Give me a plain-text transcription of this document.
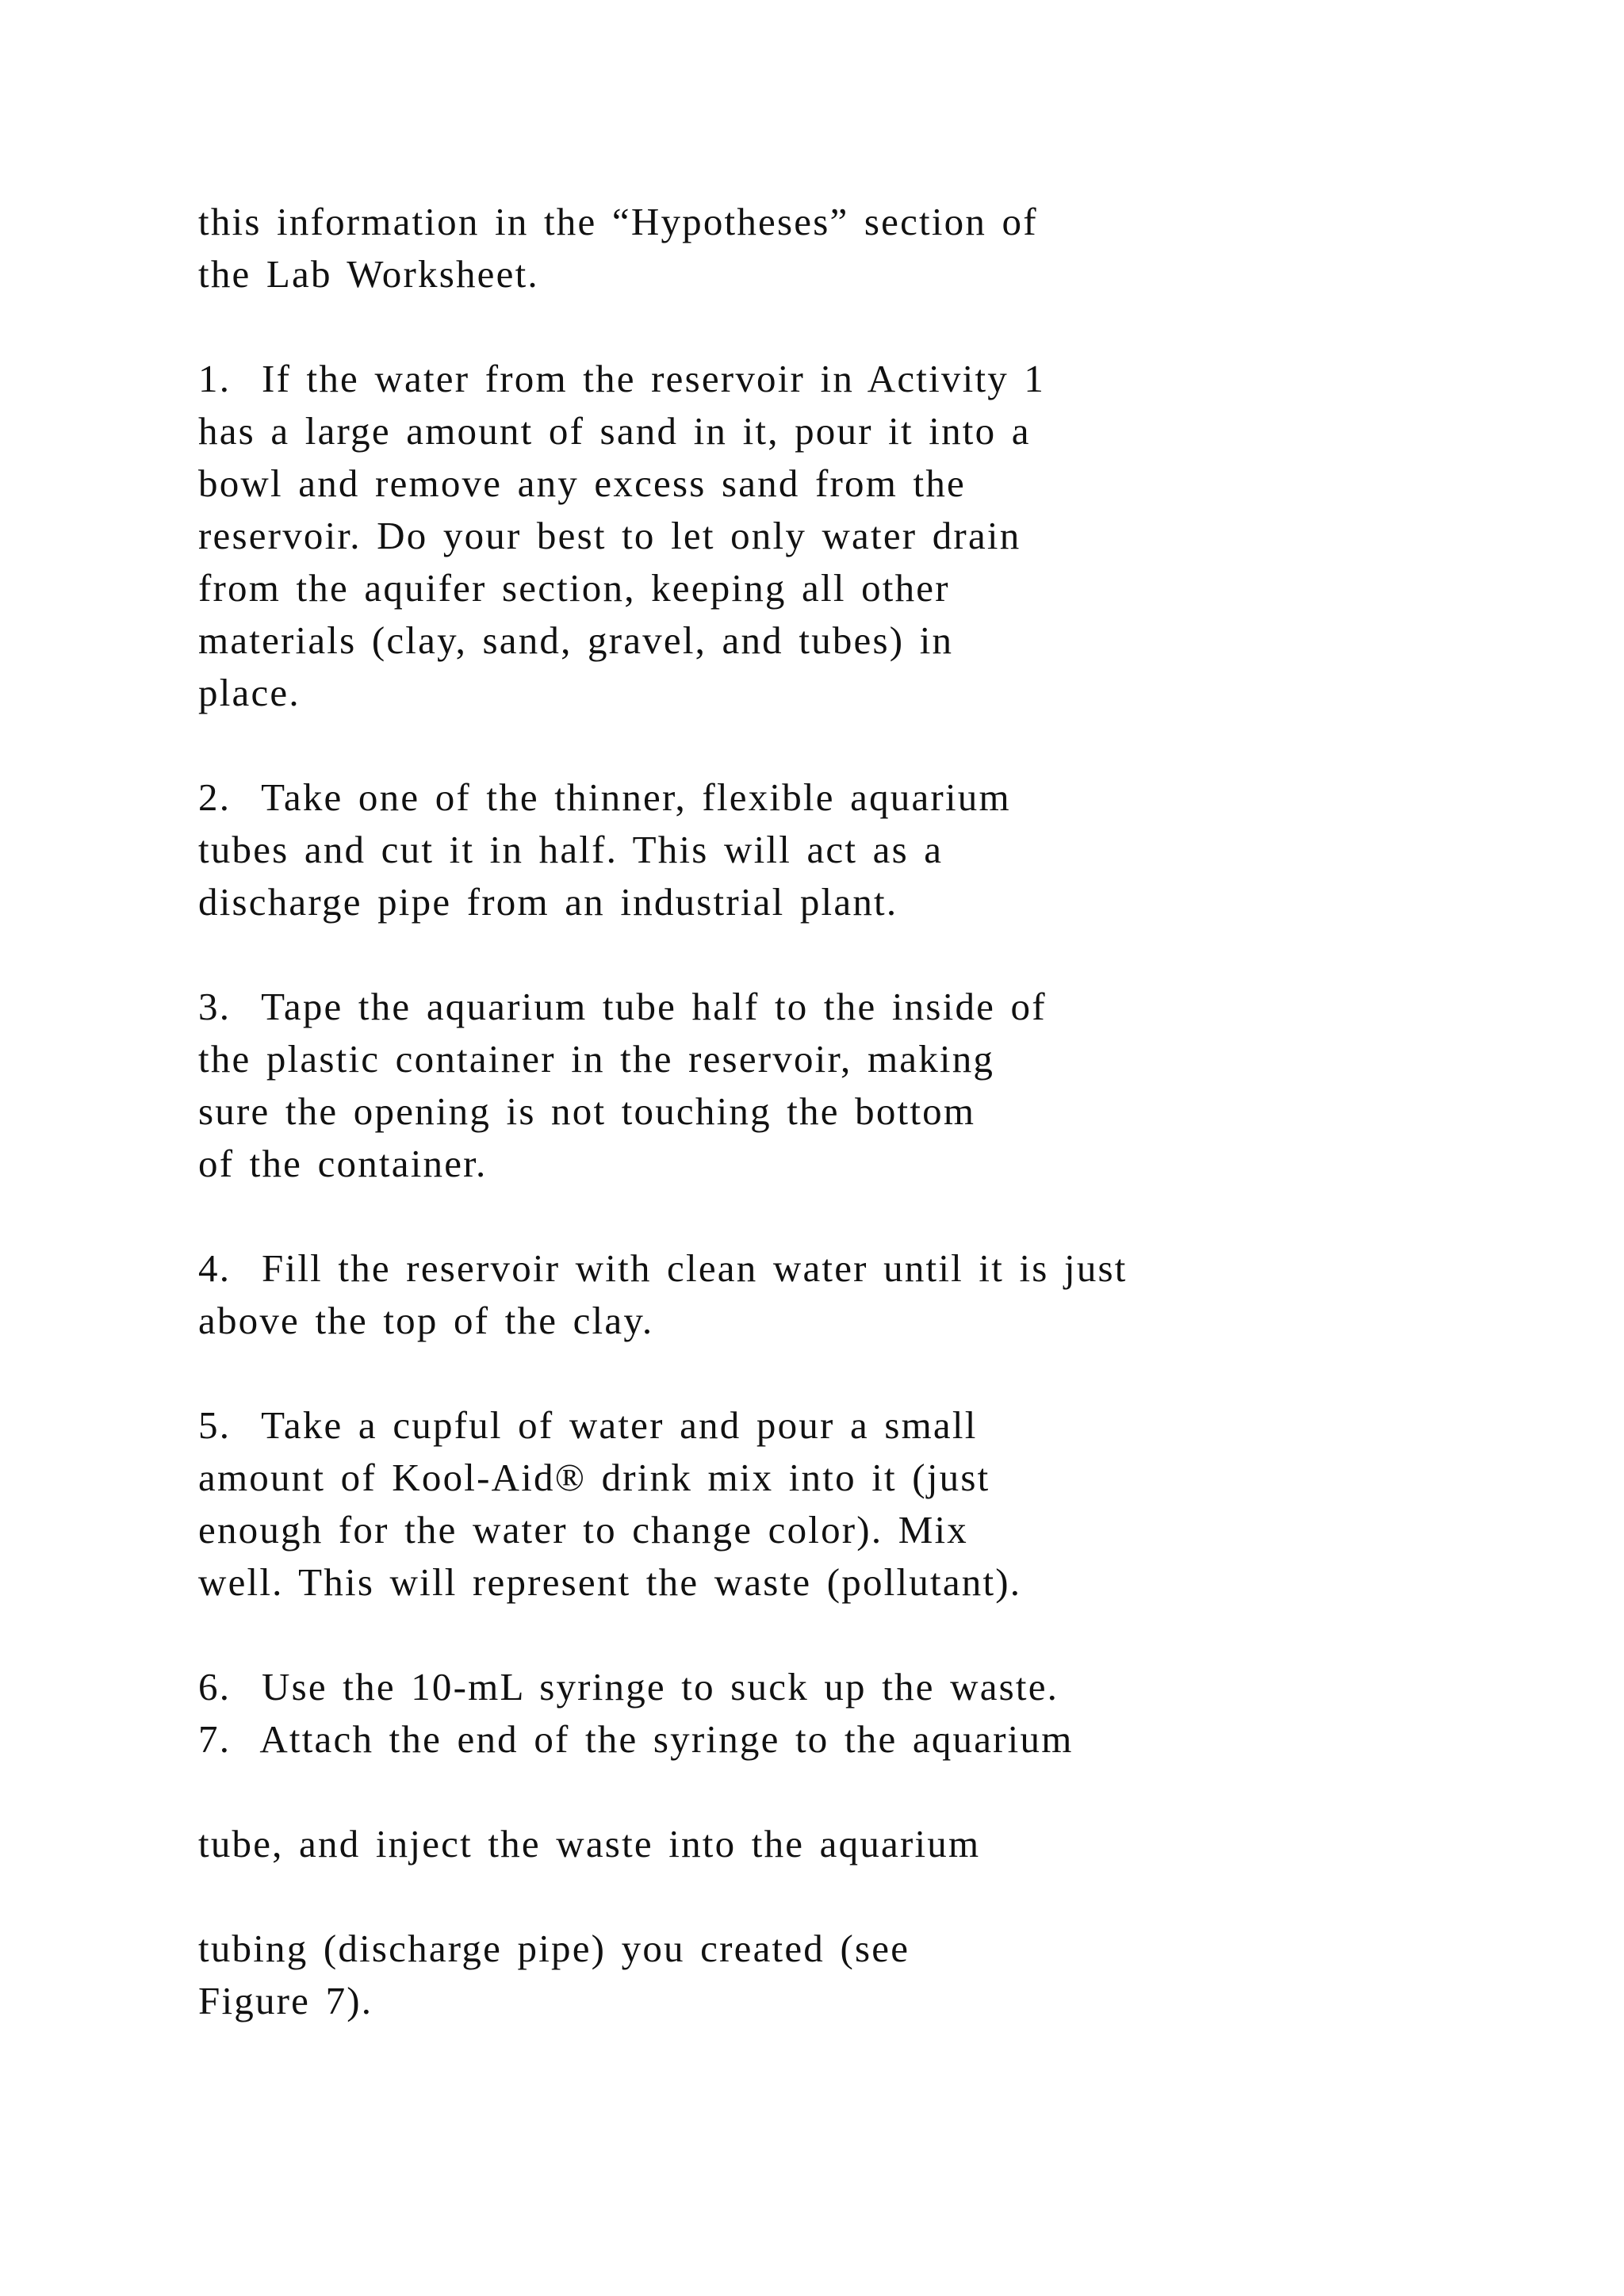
this information in the “Hypotheses” section of

the Lab Worksheet.

1.  If the water from the reservoir in Activity 1

has a large amount of sand in it, pour it into a

bowl and remove any excess sand from the

reservoir. Do your best to let only water drain

from the aquifer section, keeping all other

materials (clay, sand, gravel, and tubes) in

place.

2.  Take one of the thinner, flexible aquarium

tubes and cut it in half. This will act as a

discharge pipe from an industrial plant.

3.  Tape the aquarium tube half to the inside of

the plastic container in the reservoir, making

sure the opening is not touching the bottom

of the container.

4.  Fill the reservoir with clean water until it is just

above the top of the clay.

5.  Take a cupful of water and pour a small

amount of Kool-Aid® drink mix into it (just

enough for the water to change color). Mix

well. This will represent the waste (pollutant).

6.  Use the 10-mL syringe to suck up the waste.

7.  Attach the end of the syringe to the aquarium

tube, and inject the waste into the aquarium

tubing (discharge pipe) you created (see

Figure 7).
